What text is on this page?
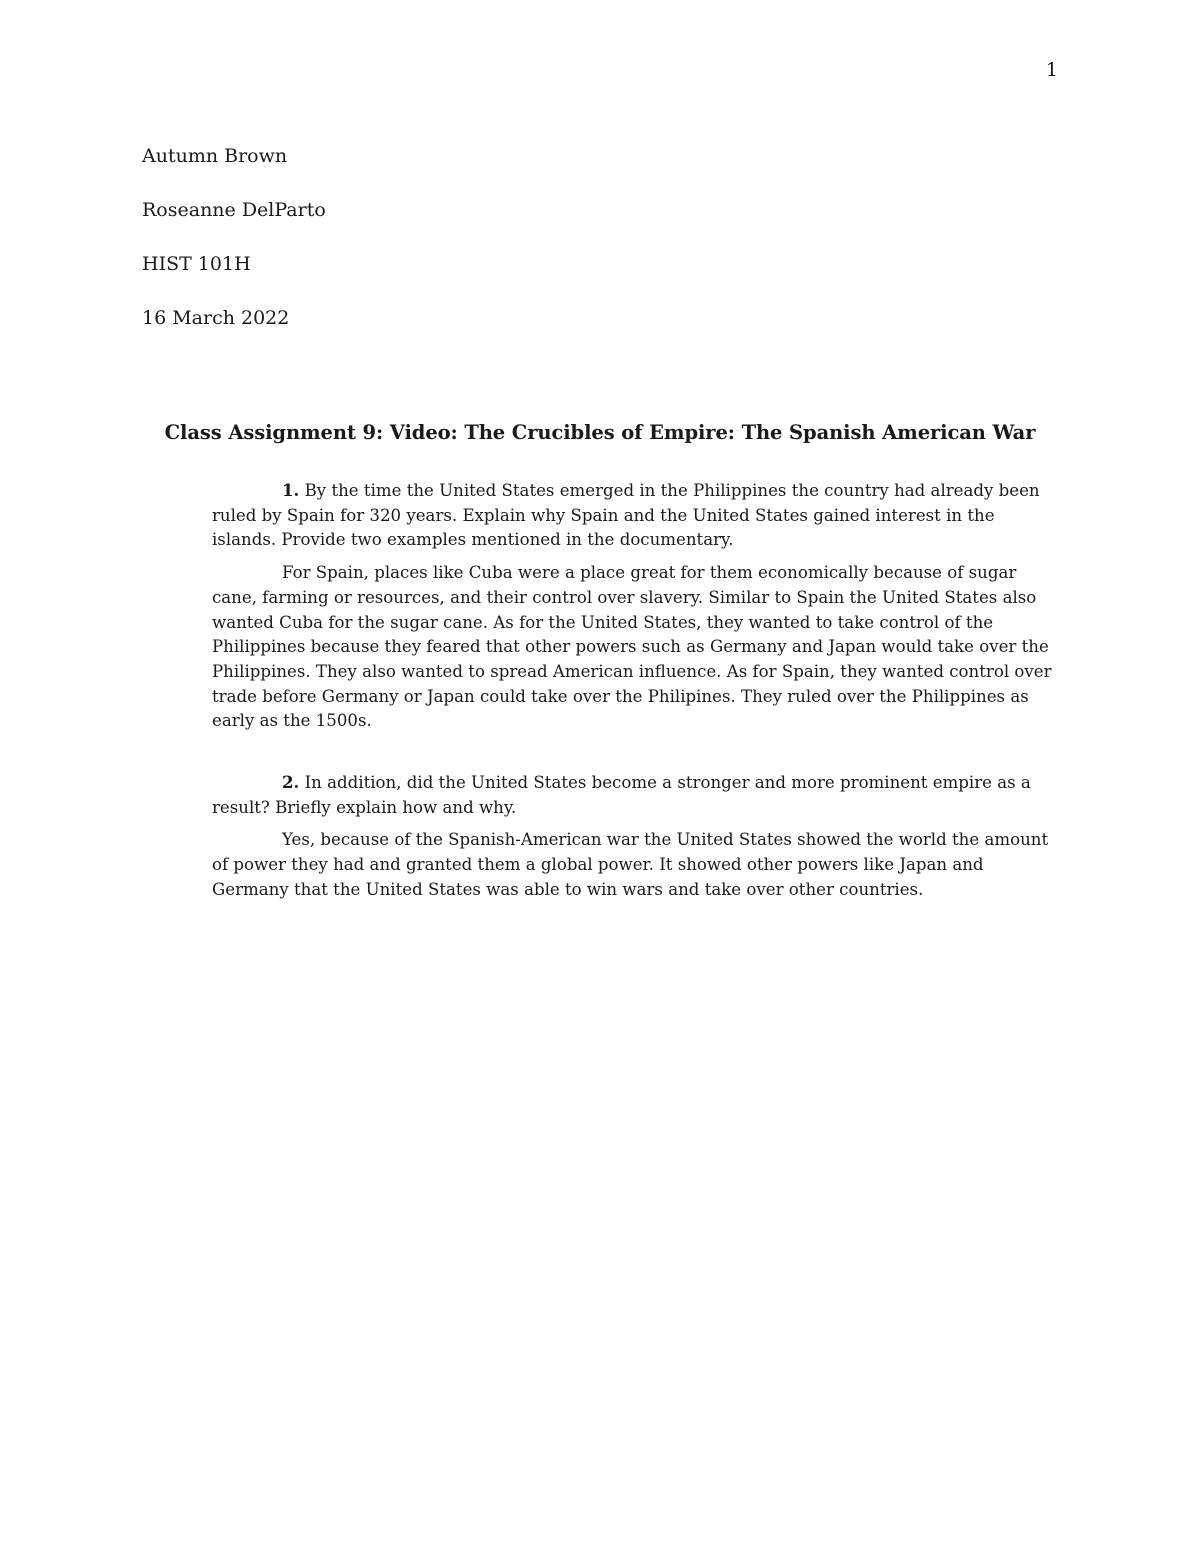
1
Autumn Brown
Roseanne DelParto
HIST 101H
16 March 2022
Class Assignment 9: Video: The Crucibles of Empire: The Spanish American War

1. By the time the United States emerged in the Philippines the country had already been ruled by Spain for 320 years. Explain why Spain and the United States gained interest in the islands. Provide two examples mentioned in the documentary.

For Spain, places like Cuba were a place great for them economically because of sugar cane, farming or resources, and their control over slavery. Similar to Spain the United States also wanted Cuba for the sugar cane. As for the United States, they wanted to take control of the Philippines because they feared that other powers such as Germany and Japan would take over the Philippines. They also wanted to spread American influence. As for Spain, they wanted control over trade before Germany or Japan could take over the Philipines. They ruled over the Philippines as early as the 1500s.

2. In addition, did the United States become a stronger and more prominent empire as a result? Briefly explain how and why.

Yes, because of the Spanish-American war the United States showed the world the amount of power they had and granted them a global power. It showed other powers like Japan and Germany that the United States was able to win wars and take over other countries.
